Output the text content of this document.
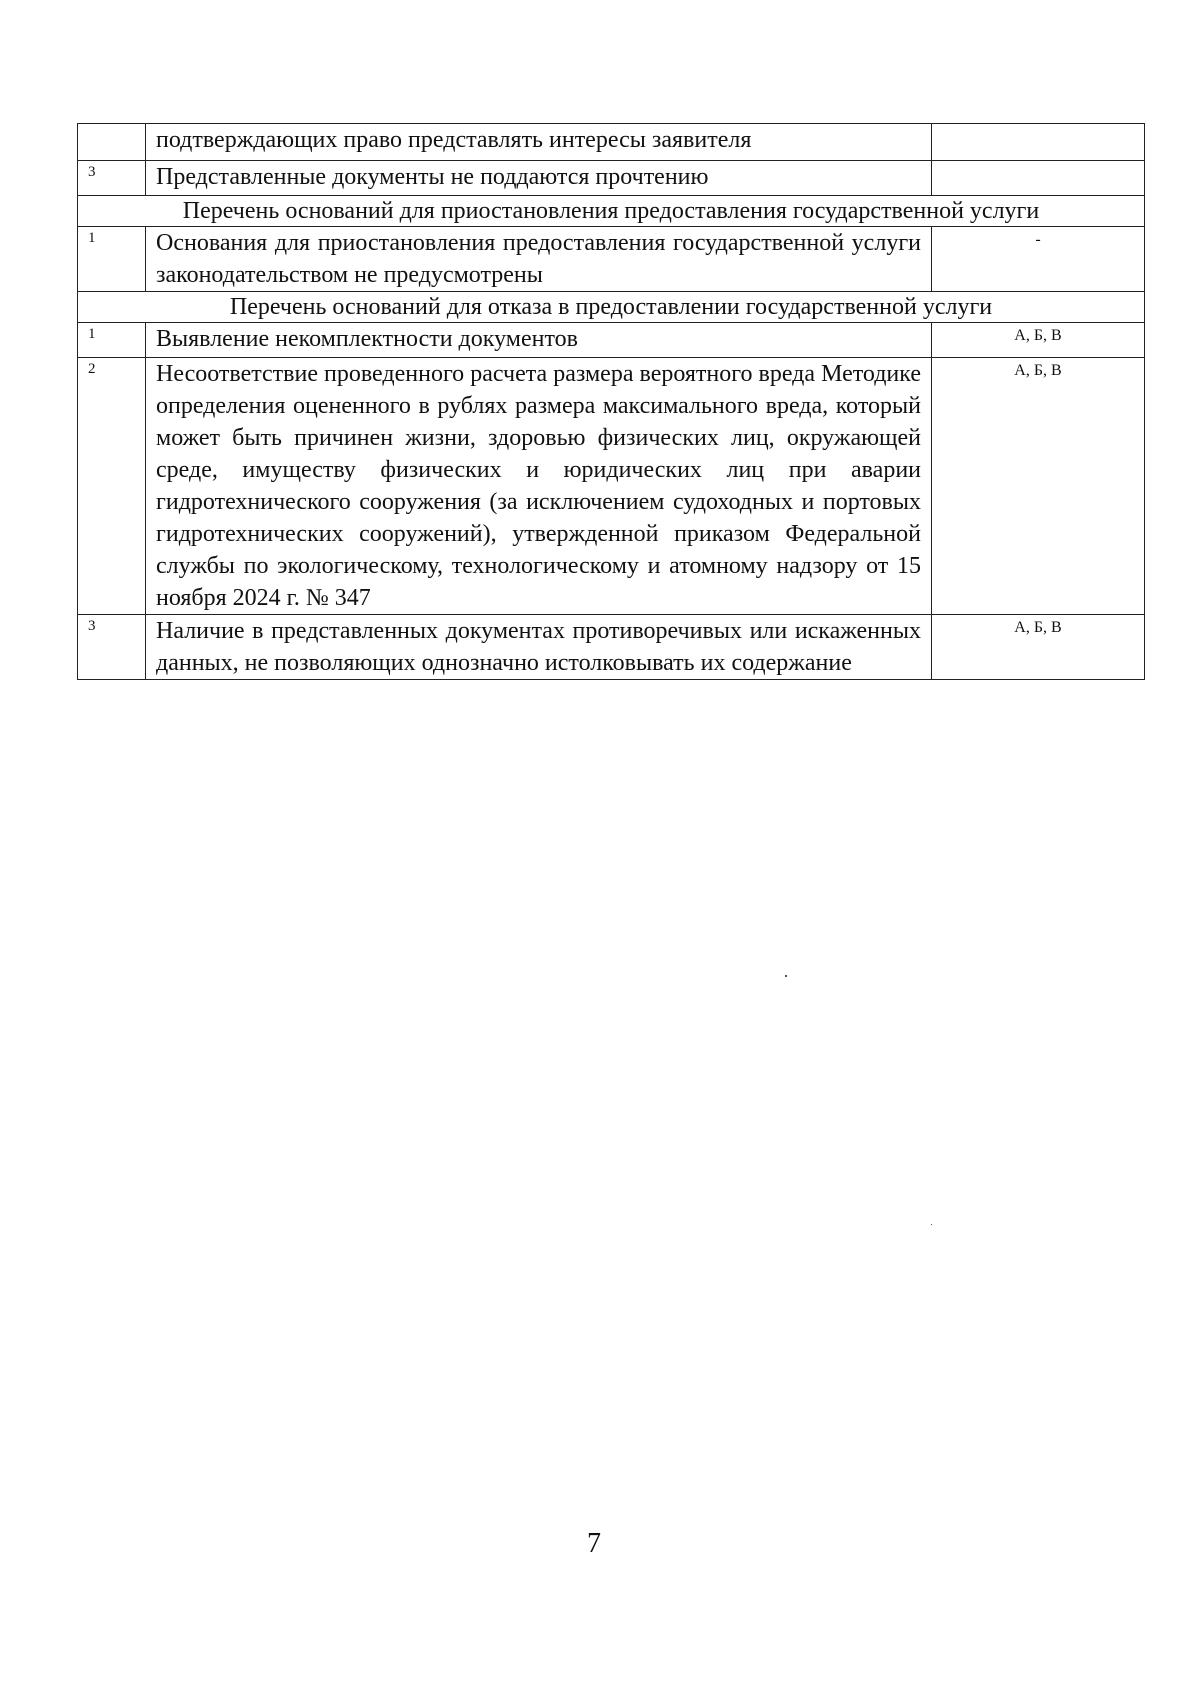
	подтверждающих право представлять интересы заявителя	
3	Представленные документы не поддаются прочтению	
Перечень оснований для приостановления предоставления государственной услуги		
1	Основания для приостановления предоставления государственной услуги законодательством не предусмотрены	-
Перечень оснований для отказа в предоставлении государственной услуги		
1	Выявление некомплектности документов	А, Б, В
2	Несоответствие проведенного расчета размера вероятного вреда Методике определения оцененного в рублях размера максимального вреда, который может быть причинен жизни, здоровью физических лиц, окружающей среде, имуществу физических и юридических лиц при аварии гидротехнического сооружения (за исключением судоходных и портовых гидротехнических сооружений), утвержденной приказом Федеральной службы по экологическому, технологическому и атомному надзору от 15 ноября 2024 г. № 347	А, Б, В
3	Наличие в представленных документах противоречивых или искаженных данных, не позволяющих однозначно истолковывать их содержание	А, Б, В
7
